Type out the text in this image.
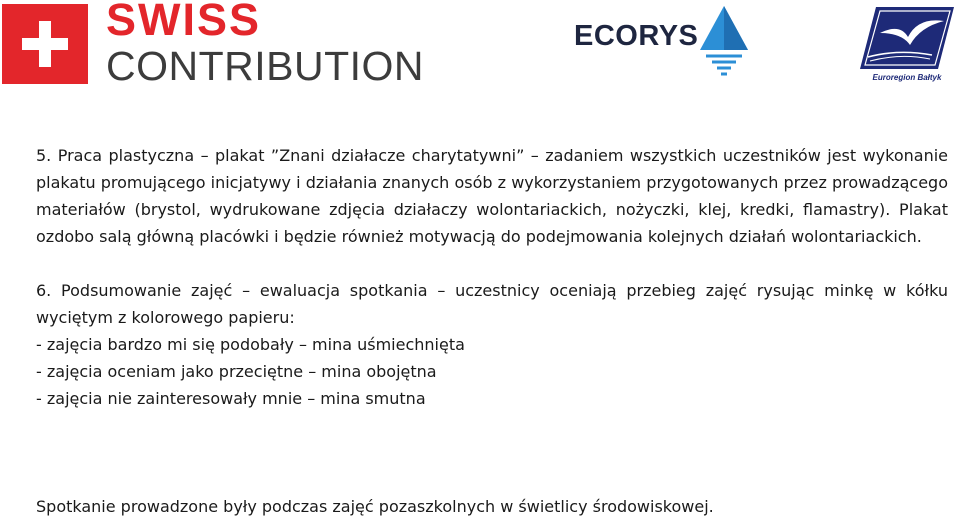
SWISS
CONTRIBUTION
ECORYS
Euroregion Bałtyk

5. Praca plastyczna – plakat ”Znani działacze charytatywni” – zadaniem wszystkich uczestników jest wykonanie plakatu promującego inicjatywy i działania znanych osób z wykorzystaniem przygotowanych przez prowadzącego materiałów (brystol, wydrukowane zdjęcia działaczy wolontariackich, nożyczki, klej, kredki, flamastry). Plakat ozdobo salą główną placówki i będzie również motywacją do podejmowania kolejnych działań wolontariackich.

6. Podsumowanie zajęć – ewaluacja spotkania – uczestnicy oceniają przebieg zajęć rysując minkę w kółku wyciętym z kolorowego papieru:

- zajęcia bardzo mi się podobały – mina uśmiechnięta

- zajęcia oceniam jako przeciętne – mina obojętna

- zajęcia nie zainteresowały mnie – mina smutna

Spotkanie prowadzone były podczas zajęć pozaszkolnych w świetlicy środowiskowej.
